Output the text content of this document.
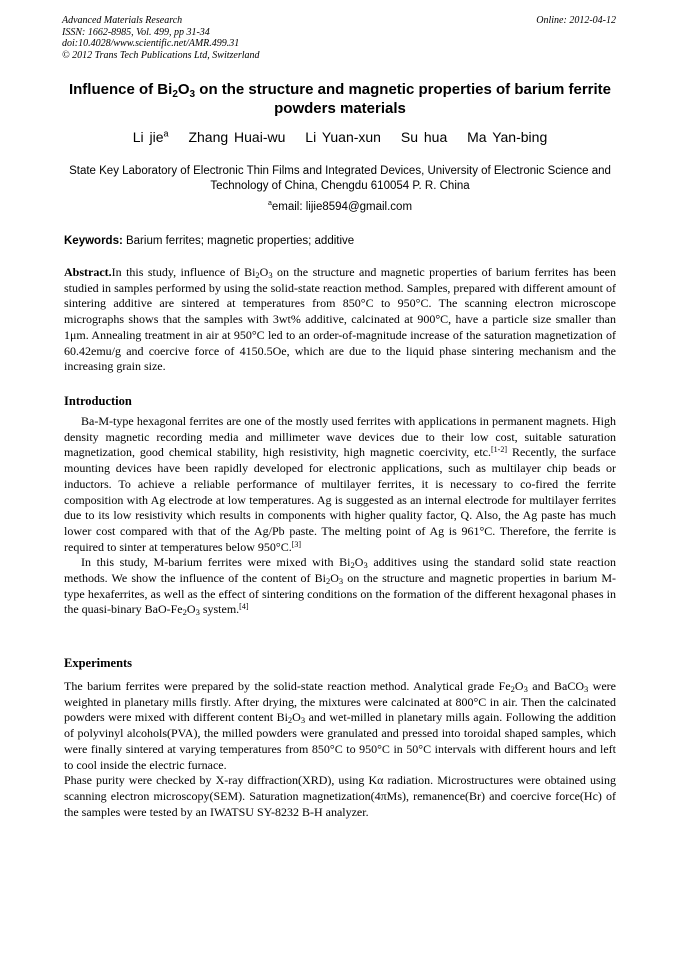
Advanced Materials Research
ISSN: 1662-8985, Vol. 499, pp 31-34
doi:10.4028/www.scientific.net/AMR.499.31
© 2012 Trans Tech Publications Ltd, Switzerland
Online: 2012-04-12
Influence of $Bi_2O_3$ on the structure and magnetic properties of barium ferrite powders materials
Li jie$^a$ Zhang Huai-wu Li Yuan-xun Su hua Ma Yan-bing
State Key Laboratory of Electronic Thin Films and Integrated Devices, University of Electronic Science and Technology of China, Chengdu 610054 P. R. China
$^a$email: lijie8594@gmail.com
Keywords: Barium ferrites; magnetic properties; additive

Abstract.In this study, influence of $Bi_2O_3$ on the structure and magnetic properties of barium ferrites has been studied in samples performed by using the solid-state reaction method. Samples, prepared with different amount of sintering additive are sintered at temperatures from 850°C to 950°C. The scanning electron microscope micrographs shows that the samples with 3wt% additive, calcinated at 900°C, have a particle size smaller than 1μm. Annealing treatment in air at 950°C led to an order-of-magnitude increase of the saturation magnetization of 60.42emu/g and coercive force of 4150.5Oe, which are due to the liquid phase sintering mechanism and the increasing grain size.

Introduction

Ba-M-type hexagonal ferrites are one of the mostly used ferrites with applications in permanent magnets. High density magnetic recording media and millimeter wave devices due to their low cost, suitable saturation magnetization, good chemical stability, high resistivity, high magnetic coercivity, etc.[1-2] Recently, the surface mounting devices have been rapidly developed for electronic applications, such as multilayer chip beads or inductors. To achieve a reliable performance of multilayer ferrites, it is necessary to co-fired the ferrite composition with Ag electrode at low temperatures. Ag is suggested as an internal electrode for multilayer ferrites due to its low resistivity which results in components with higher quality factor, Q. Also, the Ag paste has much lower cost compared with that of the Ag/Pb paste. The melting point of Ag is 961°C. Therefore, the ferrite is required to sinter at temperatures below 950°C.[3]

In this study, M-barium ferrites were mixed with $Bi_2O_3$ additives using the standard solid state reaction methods. We show the influence of the content of $Bi_2O_3$ on the structure and magnetic properties in barium M-type hexaferrites, as well as the effect of sintering conditions on the formation of the different hexagonal phases in the quasi-binary BaO-$Fe_2O_3$ system.[4]

Experiments

The barium ferrites were prepared by the solid-state reaction method. Analytical grade $Fe_2O_3$ and BaCO$_3$ were weighted in planetary mills firstly. After drying, the mixtures were calcinated at 800°C in air. Then the calcinated powders were mixed with different content $Bi_2O_3$ and wet-milled in planetary mills again. Following the addition of polyvinyl alcohols(PVA), the milled powders were granulated and pressed into toroidal shaped samples, which were finally sintered at varying temperatures from 850°C to 950°C in 50°C intervals with different hours and left to cool inside the electric furnace.

Phase purity were checked by X-ray diffraction(XRD), using Kα radiation. Microstructures were obtained using scanning electron microscopy(SEM). Saturation magnetization(4πMs), remanence(Br) and coercive force(Hc) of the samples were tested by an IWATSU SY-8232 B-H analyzer.
